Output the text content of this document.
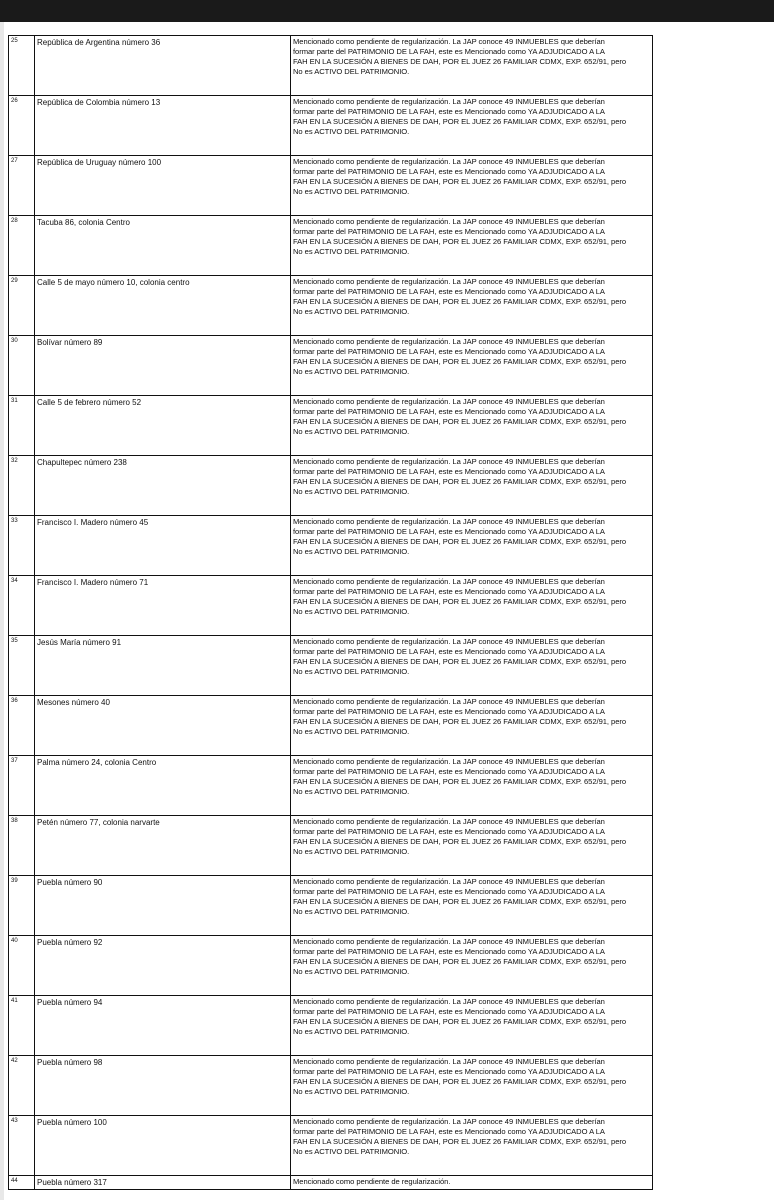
25	República de Argentina número 36	Mencionado como pendiente de regularización. La JAP conoce 49 INMUEBLES que deberían
formar parte del PATRIMONIO DE LA FAH, este es Mencionado como YA ADJUDICADO A LA
FAH EN LA SUCESIÓN A BIENES DE DAH, POR EL JUEZ 26 FAMILIAR CDMX, EXP. 652/91, pero
No es ACTIVO DEL PATRIMONIO.

26	República de Colombia número 13	Mencionado como pendiente de regularización. La JAP conoce 49 INMUEBLES que deberían
formar parte del PATRIMONIO DE LA FAH, este es Mencionado como YA ADJUDICADO A LA
FAH EN LA SUCESIÓN A BIENES DE DAH, POR EL JUEZ 26 FAMILIAR CDMX, EXP. 652/91, pero
No es ACTIVO DEL PATRIMONIO.

27	República de Uruguay número 100	Mencionado como pendiente de regularización. La JAP conoce 49 INMUEBLES que deberían
formar parte del PATRIMONIO DE LA FAH, este es Mencionado como YA ADJUDICADO A LA
FAH EN LA SUCESIÓN A BIENES DE DAH, POR EL JUEZ 26 FAMILIAR CDMX, EXP. 652/91, pero
No es ACTIVO DEL PATRIMONIO.

28	Tacuba 86, colonia Centro	Mencionado como pendiente de regularización. La JAP conoce 49 INMUEBLES que deberían
formar parte del PATRIMONIO DE LA FAH, este es Mencionado como YA ADJUDICADO A LA
FAH EN LA SUCESIÓN A BIENES DE DAH, POR EL JUEZ 26 FAMILIAR CDMX, EXP. 652/91, pero
No es ACTIVO DEL PATRIMONIO.

29	Calle 5 de mayo número 10, colonia centro	Mencionado como pendiente de regularización. La JAP conoce 49 INMUEBLES que deberían
formar parte del PATRIMONIO DE LA FAH, este es Mencionado como YA ADJUDICADO A LA
FAH EN LA SUCESIÓN A BIENES DE DAH, POR EL JUEZ 26 FAMILIAR CDMX, EXP. 652/91, pero
No es ACTIVO DEL PATRIMONIO.

30	Bolívar número 89	Mencionado como pendiente de regularización. La JAP conoce 49 INMUEBLES que deberían
formar parte del PATRIMONIO DE LA FAH, este es Mencionado como YA ADJUDICADO A LA
FAH EN LA SUCESIÓN A BIENES DE DAH, POR EL JUEZ 26 FAMILIAR CDMX, EXP. 652/91, pero
No es ACTIVO DEL PATRIMONIO.

31	Calle 5 de febrero número 52	Mencionado como pendiente de regularización. La JAP conoce 49 INMUEBLES que deberían
formar parte del PATRIMONIO DE LA FAH, este es Mencionado como YA ADJUDICADO A LA
FAH EN LA SUCESIÓN A BIENES DE DAH, POR EL JUEZ 26 FAMILIAR CDMX, EXP. 652/91, pero
No es ACTIVO DEL PATRIMONIO.

32	Chapultepec número 238	Mencionado como pendiente de regularización. La JAP conoce 49 INMUEBLES que deberían
formar parte del PATRIMONIO DE LA FAH, este es Mencionado como YA ADJUDICADO A LA
FAH EN LA SUCESIÓN A BIENES DE DAH, POR EL JUEZ 26 FAMILIAR CDMX, EXP. 652/91, pero
No es ACTIVO DEL PATRIMONIO.

33	Francisco I. Madero número 45	Mencionado como pendiente de regularización. La JAP conoce 49 INMUEBLES que deberían
formar parte del PATRIMONIO DE LA FAH, este es Mencionado como YA ADJUDICADO A LA
FAH EN LA SUCESIÓN A BIENES DE DAH, POR EL JUEZ 26 FAMILIAR CDMX, EXP. 652/91, pero
No es ACTIVO DEL PATRIMONIO.

34	Francisco I. Madero número 71	Mencionado como pendiente de regularización. La JAP conoce 49 INMUEBLES que deberían
formar parte del PATRIMONIO DE LA FAH, este es Mencionado como YA ADJUDICADO A LA
FAH EN LA SUCESIÓN A BIENES DE DAH, POR EL JUEZ 26 FAMILIAR CDMX, EXP. 652/91, pero
No es ACTIVO DEL PATRIMONIO.

35	Jesús María número 91	Mencionado como pendiente de regularización. La JAP conoce 49 INMUEBLES que deberían
formar parte del PATRIMONIO DE LA FAH, este es Mencionado como YA ADJUDICADO A LA
FAH EN LA SUCESIÓN A BIENES DE DAH, POR EL JUEZ 26 FAMILIAR CDMX, EXP. 652/91, pero
No es ACTIVO DEL PATRIMONIO.

36	Mesones número 40	Mencionado como pendiente de regularización. La JAP conoce 49 INMUEBLES que deberían
formar parte del PATRIMONIO DE LA FAH, este es Mencionado como YA ADJUDICADO A LA
FAH EN LA SUCESIÓN A BIENES DE DAH, POR EL JUEZ 26 FAMILIAR CDMX, EXP. 652/91, pero
No es ACTIVO DEL PATRIMONIO.

37	Palma número 24, colonia Centro	Mencionado como pendiente de regularización. La JAP conoce 49 INMUEBLES que deberían
formar parte del PATRIMONIO DE LA FAH, este es Mencionado como YA ADJUDICADO A LA
FAH EN LA SUCESIÓN A BIENES DE DAH, POR EL JUEZ 26 FAMILIAR CDMX, EXP. 652/91, pero
No es ACTIVO DEL PATRIMONIO.

38	Petén número 77, colonia narvarte	Mencionado como pendiente de regularización. La JAP conoce 49 INMUEBLES que deberían
formar parte del PATRIMONIO DE LA FAH, este es Mencionado como YA ADJUDICADO A LA
FAH EN LA SUCESIÓN A BIENES DE DAH, POR EL JUEZ 26 FAMILIAR CDMX, EXP. 652/91, pero
No es ACTIVO DEL PATRIMONIO.

39	Puebla número 90	Mencionado como pendiente de regularización. La JAP conoce 49 INMUEBLES que deberían
formar parte del PATRIMONIO DE LA FAH, este es Mencionado como YA ADJUDICADO A LA
FAH EN LA SUCESIÓN A BIENES DE DAH, POR EL JUEZ 26 FAMILIAR CDMX, EXP. 652/91, pero
No es ACTIVO DEL PATRIMONIO.

40	Puebla número 92	Mencionado como pendiente de regularización. La JAP conoce 49 INMUEBLES que deberían
formar parte del PATRIMONIO DE LA FAH, este es Mencionado como YA ADJUDICADO A LA
FAH EN LA SUCESIÓN A BIENES DE DAH, POR EL JUEZ 26 FAMILIAR CDMX, EXP. 652/91, pero
No es ACTIVO DEL PATRIMONIO.

41	Puebla número 94	Mencionado como pendiente de regularización. La JAP conoce 49 INMUEBLES que deberían
formar parte del PATRIMONIO DE LA FAH, este es Mencionado como YA ADJUDICADO A LA
FAH EN LA SUCESIÓN A BIENES DE DAH, POR EL JUEZ 26 FAMILIAR CDMX, EXP. 652/91, pero
No es ACTIVO DEL PATRIMONIO.

42	Puebla número 98	Mencionado como pendiente de regularización. La JAP conoce 49 INMUEBLES que deberían
formar parte del PATRIMONIO DE LA FAH, este es Mencionado como YA ADJUDICADO A LA
FAH EN LA SUCESIÓN A BIENES DE DAH, POR EL JUEZ 26 FAMILIAR CDMX, EXP. 652/91, pero
No es ACTIVO DEL PATRIMONIO.

43	Puebla número 100	Mencionado como pendiente de regularización. La JAP conoce 49 INMUEBLES que deberían
formar parte del PATRIMONIO DE LA FAH, este es Mencionado como YA ADJUDICADO A LA
FAH EN LA SUCESIÓN A BIENES DE DAH, POR EL JUEZ 26 FAMILIAR CDMX, EXP. 652/91, pero
No es ACTIVO DEL PATRIMONIO.

44	Puebla número 317	Mencionado como pendiente de regularización.
